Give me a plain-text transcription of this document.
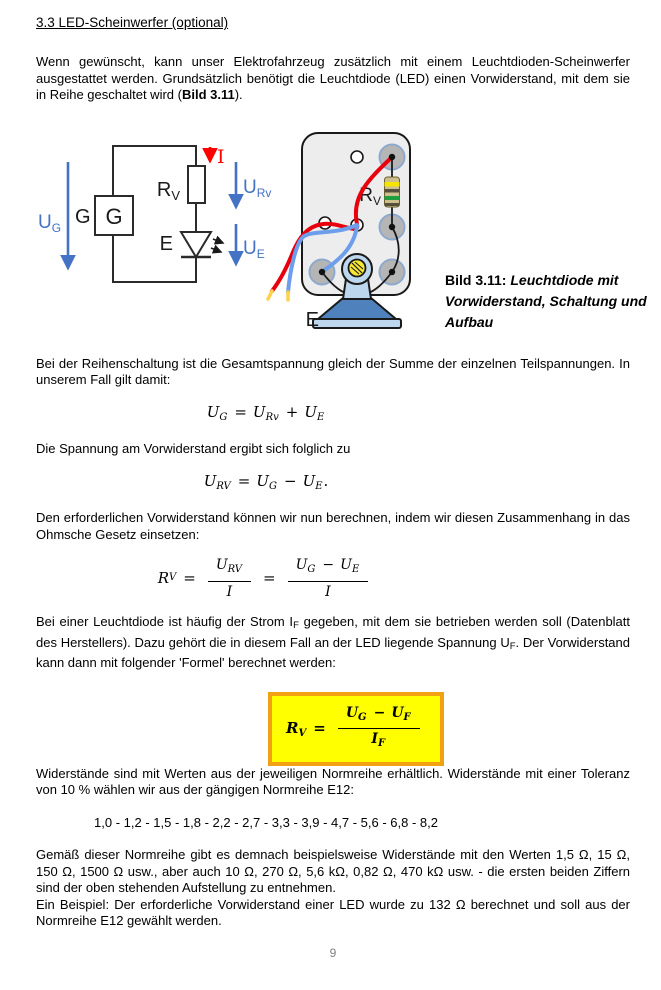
3.3 LED-Scheinwerfer (optional)

Wenn gewünscht, kann unser Elektrofahrzeug zusätzlich mit einem Leuchtdioden-Scheinwerfer ausgestattet werden. Grundsätzlich benötigt die Leuchtdiode (LED) einen Vorwiderstand, mit dem sie in Reihe geschaltet wird (Bild 3.11).

G
G
$R_V$
E
I
$U_G$
$U_{Rv}$
$U_E$
$R_V$
E
Bild 3.11: Leuchtdiode mit Vorwiderstand, Schaltung und Aufbau

Bei der Reihenschaltung ist die Gesamtspannung gleich der Summe der einzelnen Teilspannungen. In unserem Fall gilt damit:

$U_G = U_{Rv} + U_E$

Die Spannung am Vorwiderstand ergibt sich folglich zu

$U_{RV} = U_G - U_E$.

Den erforderlichen Vorwiderstand können wir nun berechnen, indem wir diesen Zusammenhang in das Ohmsche Gesetz einsetzen:

R $V = \frac{U_{RV}}{I} = \frac{U_G - U_E}{I}$

Bei einer Leuchtdiode ist häufig der Strom IF gegeben, mit dem sie betrieben werden soll (Datenblatt des Herstellers). Dazu gehört die in diesem Fall an der LED liegende Spannung UF. Der Vorwiderstand kann dann mit folgender 'Formel' berechnet werden:

$R_V = \frac{U_G - U_F}{I_F}$

Widerstände sind mit Werten aus der jeweiligen Normreihe erhältlich. Widerstände mit einer Toleranz von 10 % wählen wir aus der gängigen Normreihe E12:

1,0 - 1,2 - 1,5 - 1,8 - 2,2 - 2,7 - 3,3 - 3,9 - 4,7 - 5,6 - 6,8 - 8,2

Gemäß dieser Normreihe gibt es demnach beispielsweise Widerstände mit den Werten 1,5 Ω, 15 Ω, 150 Ω, 1500 Ω usw., aber auch 10 Ω, 270 Ω, 5,6 kΩ, 0,82 Ω, 470 kΩ usw. - die ersten beiden Ziffern sind der oben stehenden Aufstellung zu entnehmen.

Ein Beispiel: Der erforderliche Vorwiderstand einer LED wurde zu 132 Ω berechnet und soll aus der Normreihe E12 gewählt werden.

9
